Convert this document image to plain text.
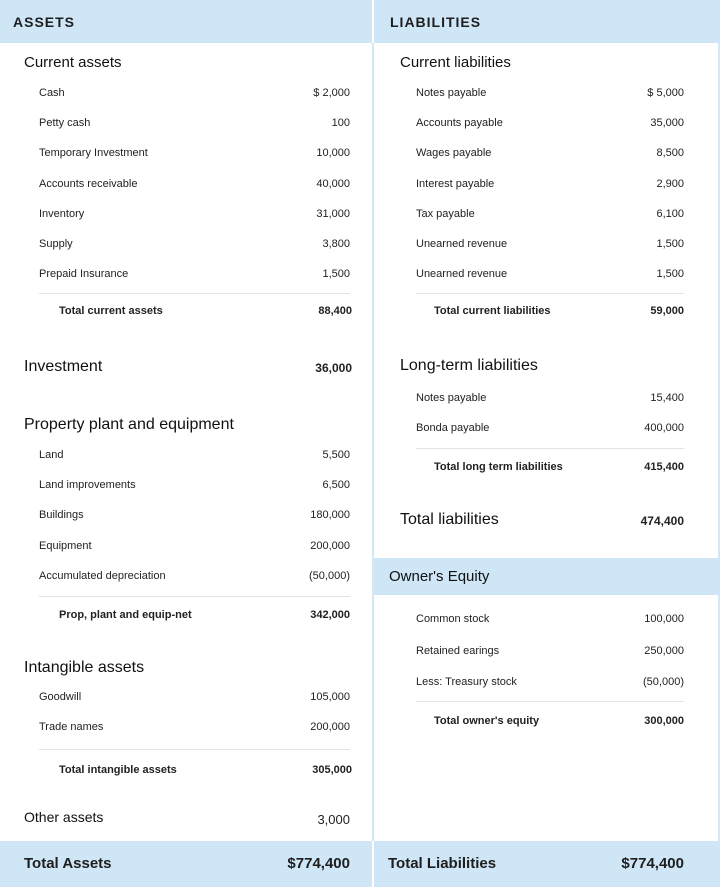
ASSETS	LIABILITIES
Current assets
Cash	$ 2,000
Petty cash	100
Temporary Investment	10,000
Accounts receivable	40,000
Inventory	31,000
Supply	3,800
Prepaid Insurance	1,500
Total current assets	88,400
Investment	36,000
Property plant and equipment
Land	5,500
Land improvements	6,500
Buildings	180,000
Equipment	200,000
Accumulated depreciation	(50,000)
Prop, plant and equip-net	342,000
Intangible assets
Goodwill	105,000
Trade names	200,000
Total intangible assets	305,000
Other assets	3,000
Current liabilities
Notes payable	$ 5,000
Accounts payable	35,000
Wages payable	8,500
Interest payable	2,900
Tax payable	6,100
Unearned revenue	1,500
Unearned revenue	1,500
Total current liabilities	59,000
Long-term liabilities
Notes payable	15,400
Bonda payable	400,000
Total long term liabilities	415,400
Total liabilities	474,400
Owner's Equity
Common stock	100,000
Retained earings	250,000
Less: Treasury stock	(50,000)
Total owner's equity	300,000
Total Assets	$774,400	Total Liabilities	$774,400
